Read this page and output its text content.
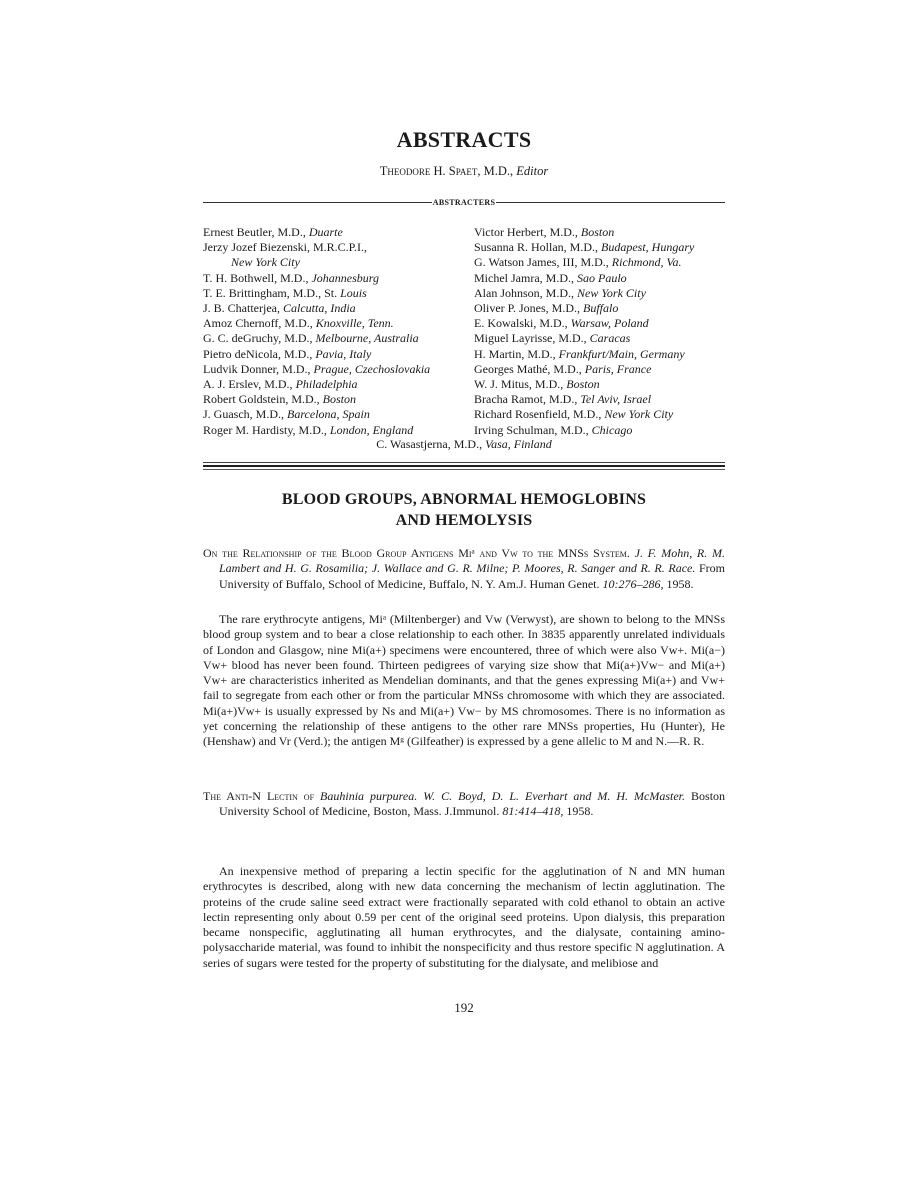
ABSTRACTS
Theodore H. Spaet, M.D., Editor
ABSTRACTERS
Ernest Beutler, M.D., Duarte
Jerzy Jozef Biezenski, M.R.C.P.I.,
New York City
T. H. Bothwell, M.D., Johannesburg
T. E. Brittingham, M.D., St. Louis
J. B. Chatterjea, Calcutta, India
Amoz Chernoff, M.D., Knoxville, Tenn.
G. C. deGruchy, M.D., Melbourne, Australia
Pietro deNicola, M.D., Pavia, Italy
Ludvik Donner, M.D., Prague, Czechoslovakia
A. J. Erslev, M.D., Philadelphia
Robert Goldstein, M.D., Boston
J. Guasch, M.D., Barcelona, Spain
Roger M. Hardisty, M.D., London, England
Victor Herbert, M.D., Boston
Susanna R. Hollan, M.D., Budapest, Hungary
G. Watson James, III, M.D., Richmond, Va.
Michel Jamra, M.D., Sao Paulo
Alan Johnson, M.D., New York City
Oliver P. Jones, M.D., Buffalo
E. Kowalski, M.D., Warsaw, Poland
Miguel Layrisse, M.D., Caracas
H. Martin, M.D., Frankfurt/Main, Germany
Georges Mathé, M.D., Paris, France
W. J. Mitus, M.D., Boston
Bracha Ramot, M.D., Tel Aviv, Israel
Richard Rosenfield, M.D., New York City
Irving Schulman, M.D., Chicago
C. Wasastjerna, M.D., Vasa, Finland
BLOOD GROUPS, ABNORMAL HEMOGLOBINS
AND HEMOLYSIS
On the Relationship of the Blood Group Antigens Miᵃ and Vw to the MNSs System. J. F. Mohn, R. M. Lambert and H. G. Rosamilia; J. Wallace and G. R. Milne; P. Moores, R. Sanger and R. R. Race. From University of Buffalo, School of Medicine, Buffalo, N. Y. Am.J. Human Genet. 10:276–286, 1958.
The rare erythrocyte antigens, Miᵃ (Miltenberger) and Vw (Verwyst), are shown to belong to the MNSs blood group system and to bear a close relationship to each other. In 3835 apparently unrelated individuals of London and Glasgow, nine Mi(a+) specimens were encountered, three of which were also Vw+. Mi(a−) Vw+ blood has never been found. Thirteen pedigrees of varying size show that Mi(a+)Vw− and Mi(a+) Vw+ are characteristics inherited as Mendelian dominants, and that the genes expressing Mi(a+) and Vw+ fail to segregate from each other or from the particular MNSs chromosome with which they are associated. Mi(a+)Vw+ is usually expressed by Ns and Mi(a+) Vw− by MS chromosomes. There is no information as yet concerning the relationship of these antigens to the other rare MNSs properties, Hu (Hunter), He (Henshaw) and Vr (Verd.); the antigen Mᵍ (Gilfeather) is expressed by a gene allelic to M and N.—R. R.
The Anti-N Lectin of Bauhinia purpurea. W. C. Boyd, D. L. Everhart and M. H. McMaster. Boston University School of Medicine, Boston, Mass. J.Immunol. 81:414–418, 1958.
An inexpensive method of preparing a lectin specific for the agglutination of N and MN human erythrocytes is described, along with new data concerning the mechanism of lectin agglutination. The proteins of the crude saline seed extract were fractionally separated with cold ethanol to obtain an active lectin representing only about 0.59 per cent of the original seed proteins. Upon dialysis, this preparation became nonspecific, agglutinating all human erythrocytes, and the dialysate, containing amino-polysaccharide material, was found to inhibit the nonspecificity and thus restore specific N agglutination. A series of sugars were tested for the property of substituting for the dialysate, and melibiose and
192
